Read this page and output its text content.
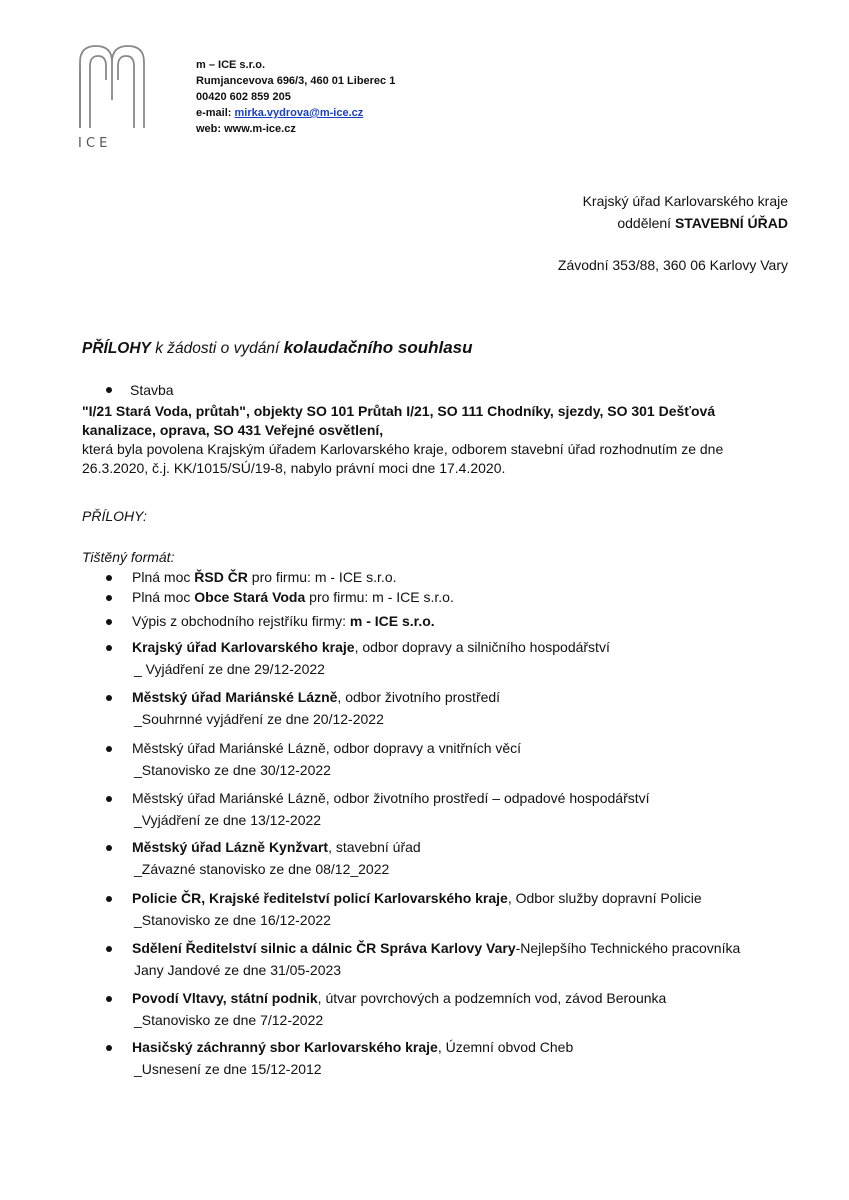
I C E
m – ICE s.r.o.
Rumjancevova 696/3, 460 01 Liberec 1
00420 602 859 205
e-mail: mirka.vydrova@m-ice.cz
web: www.m-ice.cz
Krajský úřad Karlovarského kraje
oddělení STAVEBNÍ ÚŘAD
Závodní 353/88, 360 06 Karlovy Vary
PŘÍLOHY k žádosti o vydání kolaudačního souhlasu
Stavba
"I/21 Stará Voda, průtah", objekty SO 101 Průtah I/21, SO 111 Chodníky, sjezdy, SO 301 Dešťová kanalizace, oprava, SO 431 Veřejné osvětlení,
která byla povolena Krajským úřadem Karlovarského kraje, odborem stavební úřad rozhodnutím ze dne 26.3.2020, č.j. KK/1015/SÚ/19-8, nabylo právní moci dne 17.4.2020.
PŘÍLOHY:
Tištěný formát:
Plná moc ŘSD ČR pro firmu: m - ICE s.r.o.
Plná moc Obce Stará Voda pro firmu: m - ICE s.r.o.
Výpis z obchodního rejstříku firmy: m - ICE s.r.o.
Krajský úřad Karlovarského kraje, odbor dopravy a silničního hospodářství
_ Vyjádření ze dne 29/12-2022
Městský úřad Mariánské Lázně, odbor životního prostředí
_Souhrnné vyjádření ze dne 20/12-2022
Městský úřad Mariánské Lázně, odbor dopravy a vnitřních věcí
_Stanovisko ze dne 30/12-2022
Městský úřad Mariánské Lázně, odbor životního prostředí – odpadové hospodářství
_Vyjádření ze dne 13/12-2022
Městský úřad Lázně Kynžvart, stavební úřad
_Závazné stanovisko ze dne 08/12_2022
Policie ČR, Krajské ředitelství policí Karlovarského kraje, Odbor služby dopravní Policie
_Stanovisko ze dne 16/12-2022
Sdělení Ředitelství silnic a dálnic ČR Správa Karlovy Vary-Nejlepšího Technického pracovníka
Jany Jandové ze dne 31/05-2023
Povodí Vltavy, státní podnik, útvar povrchových a podzemních vod, závod Berounka
_Stanovisko ze dne 7/12-2022
Hasičský záchranný sbor Karlovarského kraje, Územní obvod Cheb
_Usnesení ze dne 15/12-2012
